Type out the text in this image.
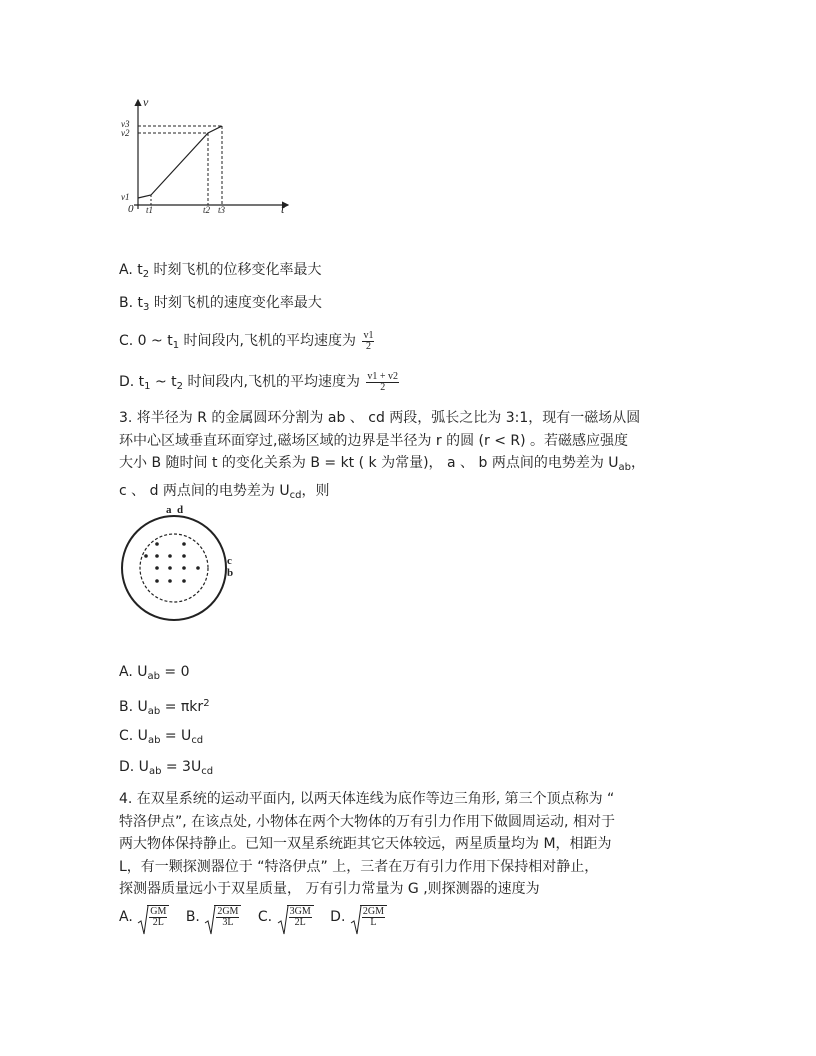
v
t
0
v3
v2
v1
t1	t2 t3
A. $t_2$ 时刻飞机的位移变化率最大
B. $t_3$ 时刻飞机的速度变化率最大
C. 0 ~ $t_1$ 时间段内,飞机的平均速度为 $\frac{v1}{2}$
D. $t_1$ ~ $t_2$ 时间段内,飞机的平均速度为 $\frac{v1 + v2}{2}$
3. 将半径为 R 的金属圆环分割为 ab 、 cd 两段，弧长之比为 3:1，现有一磁场从圆
环中心区域垂直环面穿过,磁场区域的边界是半径为 r 的圆 (r < R) 。若磁感应强度
大小 B 随时间 t 的变化关系为 B = kt ( k 为常量)， a 、 b 两点间的电势差为 $U_{ab}$，
c 、 d 两点间的电势差为 $U_{cd}$，则
a d
c
b
A. $U_{ab} = 0$
B. $U_{ab} = \pi kr^2$
C. $U_{ab} = U_{cd}$
D. $U_{ab} = 3U_{cd}$
4. 在双星系统的运动平面内, 以两天体连线为底作等边三角形, 第三个顶点称为 “
特洛伊点”, 在该点处, 小物体在两个大物体的万有引力作用下做圆周运动, 相对于
两大物体保持静止。已知一双星系统距其它天体较远，两星质量均为 M，相距为
L，有一颗探测器位于 “特洛伊点” 上，三者在万有引力作用下保持相对静止，
探测器质量远小于双星质量， 万有引力常量为 G ,则探测器的速度为
A. $\frac{GM}{2L} B$. $\frac{2GM}{3L} C$. $\frac{3GM}{2L} D$. $\frac{2GM}{L}$
